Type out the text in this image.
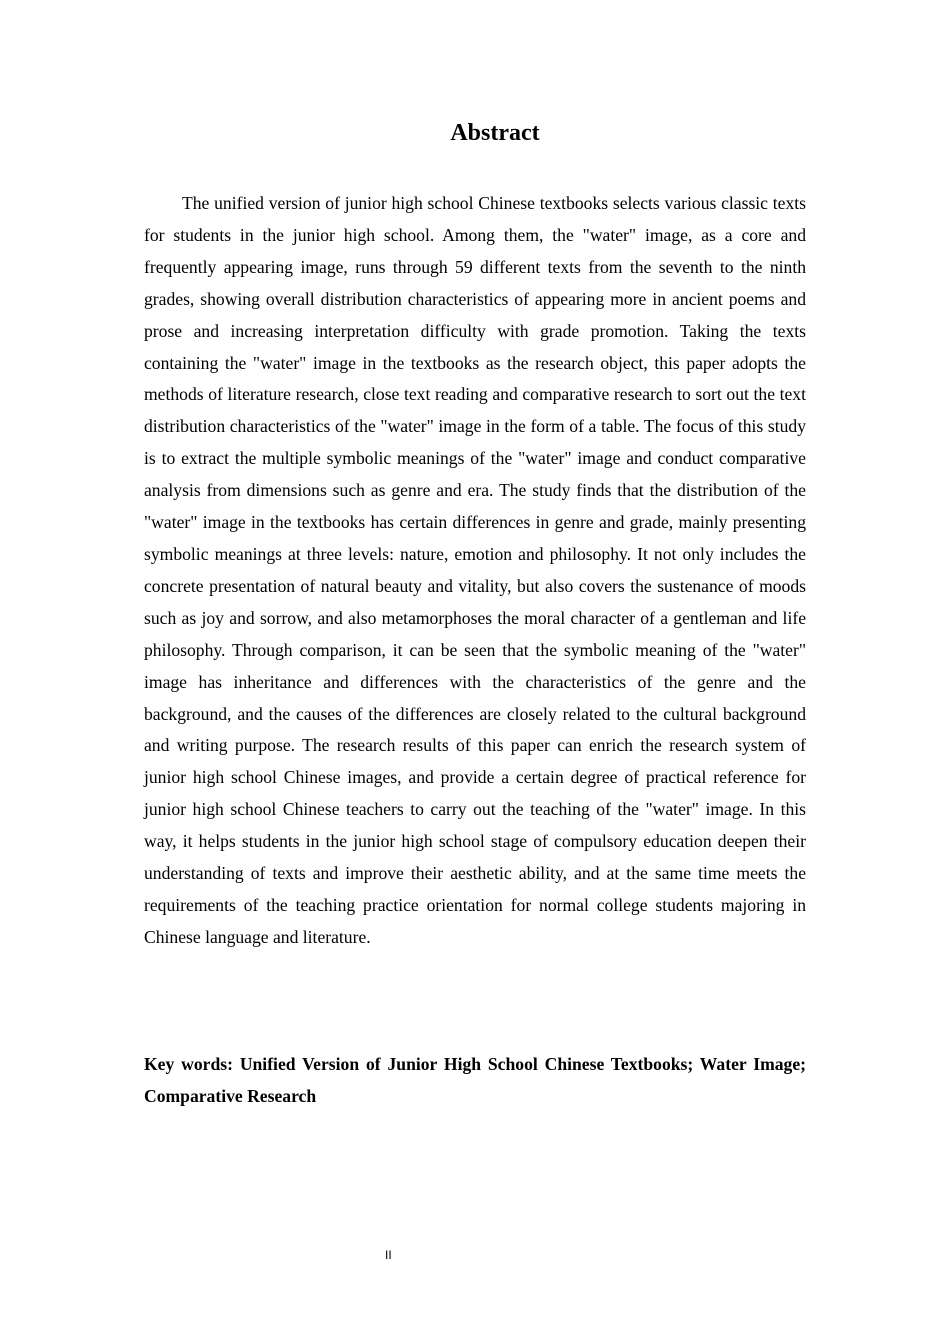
Abstract

The unified version of junior high school Chinese textbooks selects various classic texts for students in the junior high school. Among them, the "water" image, as a core and frequently appearing image, runs through 59 different texts from the seventh to the ninth grades, showing overall distribution characteristics of appearing more in ancient poems and prose and increasing interpretation difficulty with grade promotion. Taking the texts containing the "water" image in the textbooks as the research object, this paper adopts the methods of literature research, close text reading and comparative research to sort out the text distribution characteristics of the "water" image in the form of a table. The focus of this study is to extract the multiple symbolic meanings of the "water" image and conduct comparative analysis from dimensions such as genre and era. The study finds that the distribution of the "water" image in the textbooks has certain differences in genre and grade, mainly presenting symbolic meanings at three levels: nature, emotion and philosophy. It not only includes the concrete presentation of natural beauty and vitality, but also covers the sustenance of moods such as joy and sorrow, and also metamorphoses the moral character of a gentleman and life philosophy. Through comparison, it can be seen that the symbolic meaning of the "water" image has inheritance and differences with the characteristics of the genre and the background, and the causes of the differences are closely related to the cultural background and writing purpose. The research results of this paper can enrich the research system of junior high school Chinese images, and provide a certain degree of practical reference for junior high school Chinese teachers to carry out the teaching of the "water" image. In this way, it helps students in the junior high school stage of compulsory education deepen their understanding of texts and improve their aesthetic ability, and at the same time meets the requirements of the teaching practice orientation for normal college students majoring in Chinese language and literature.

Key words: Unified Version of Junior High School Chinese Textbooks; Water Image; Comparative Research

II
